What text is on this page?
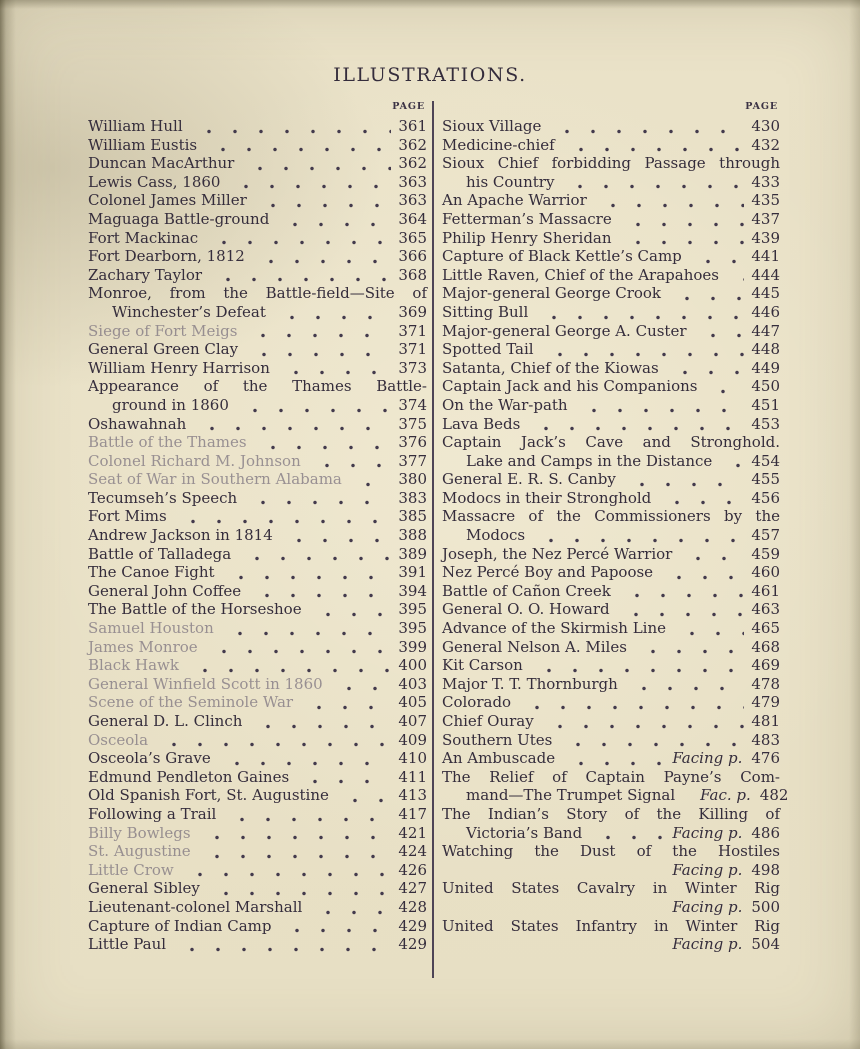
ILLUSTRATIONS.
PAGE
William Hull	361
William Eustis	362
Duncan MacArthur	362
Lewis Cass, 1860	363
Colonel James Miller	363
Maguaga Battle-ground	364
Fort Mackinac	365
Fort Dearborn, 1812	366
Zachary Taylor	368
Monroe, from the Battle-field—Site of
Winchester’s Defeat	369
Siege of Fort Meigs	371
General Green Clay	371
William Henry Harrison	373
Appearance of the Thames Battle-
ground in 1860	374
Oshawahnah	375
Battle of the Thames	376
Colonel Richard M. Johnson	377
Seat of War in Southern Alabama	380
Tecumseh’s Speech	383
Fort Mims	385
Andrew Jackson in 1814	388
Battle of Talladega	389
The Canoe Fight	391
General John Coffee	394
The Battle of the Horseshoe	395
Samuel Houston	395
James Monroe	399
Black Hawk	400
General Winfield Scott in 1860	403
Scene of the Seminole War	405
General D. L. Clinch	407
Osceola	409
Osceola’s Grave	410
Edmund Pendleton Gaines	411
Old Spanish Fort, St. Augustine	413
Following a Trail	417
Billy Bowlegs	421
St. Augustine	424
Little Crow	426
General Sibley	427
Lieutenant-colonel Marshall	428
Capture of Indian Camp	429
Little Paul	429
PAGE
Sioux Village	430
Medicine-chief	432
Sioux Chief forbidding Passage through
his Country	433
An Apache Warrior	435
Fetterman’s Massacre	437
Philip Henry Sheridan	439
Capture of Black Kettle’s Camp	441
Little Raven, Chief of the Arapahoes 444
Major-general George Crook	445
Sitting Bull	446
Major-general George A. Custer	447
Spotted Tail	448
Satanta, Chief of the Kiowas	449
Captain Jack and his Companions	450
On the War-path	451
Lava Beds	453
Captain Jack’s Cave and Stronghold.
Lake and Camps in the Distance	454
General E. R. S. Canby	455
Modocs in their Stronghold	456
Massacre of the Commissioners by the
Modocs	457
Joseph, the Nez Percé Warrior	459
Nez Percé Boy and Papoose	460
Battle of Cañon Creek	461
General O. O. Howard	463
Advance of the Skirmish Line	465
General Nelson A. Miles	468
Kit Carson	469
Major T. T. Thornburgh	478
Colorado	479
Chief Ouray	481
Southern Utes	483
An Ambuscade	Facing p. 476
The Relief of Captain Payne’s Com-
mand—The Trumpet Signal Fac. p. 482
The Indian’s Story of the Killing of
Victoria’s Band	Facing p. 486
Watching the Dust of the Hostiles
Facing p. 498
United States Cavalry in Winter Rig
Facing p. 500
United States Infantry in Winter Rig
Facing p. 504
